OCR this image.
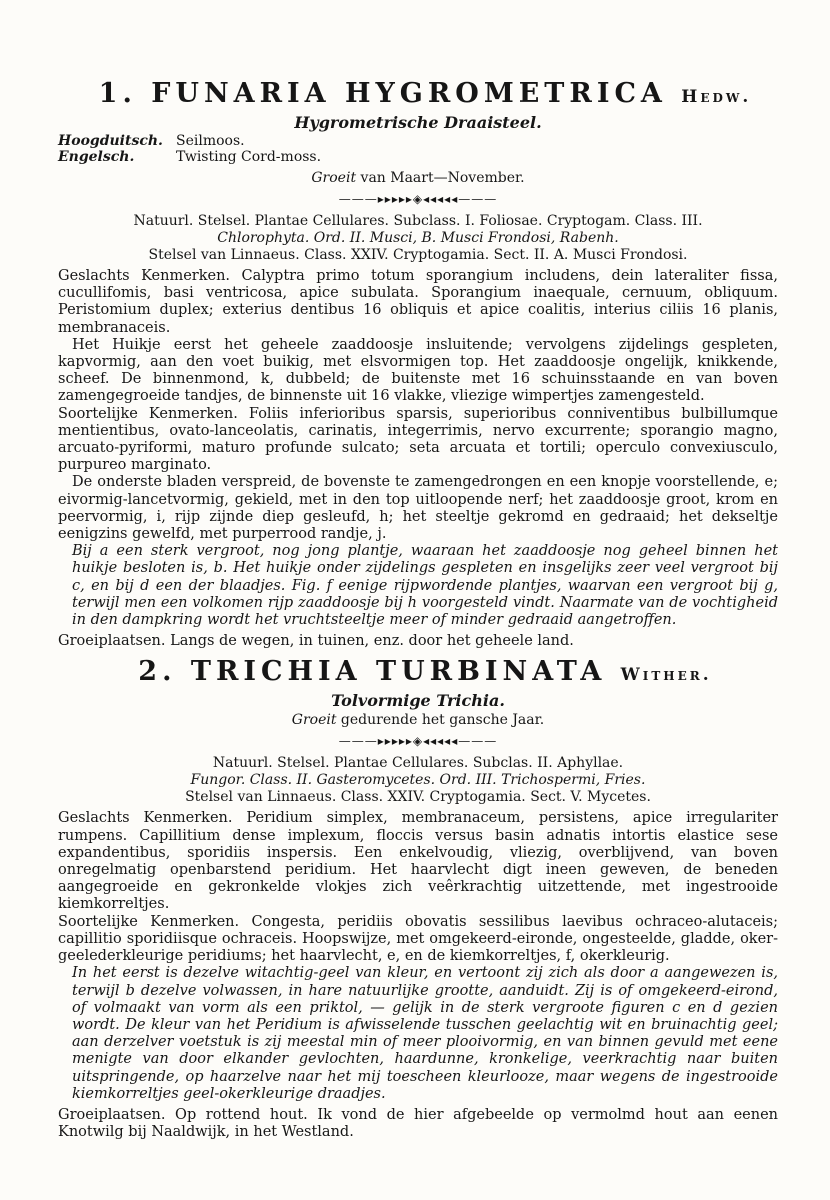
1. FUNARIA HYGROMETRICA Hedw.
Hygrometrische Draaisteel.
Hoogduitsch. Seilmoos.
Engelsch.	Twisting Cord-moss.
Groeit van Maart—November.
———▸▸▸▸▸◈◂◂◂◂◂———
Natuurl. Stelsel. Plantae Cellulares. Subclass. I. Foliosae. Cryptogam. Class. III.
Chlorophyta. Ord. II. Musci, B. Musci Frondosi, Rabenh.
Stelsel van Linnaeus. Class. XXIV. Cryptogamia. Sect. II. A. Musci Frondosi.

Geslachts Kenmerken. Calyptra primo totum sporangium includens, dein lateraliter fissa, cucullifomis, basi ventricosa, apice subulata. Sporangium inaequale, cernuum, obliquum. Peristomium duplex; exterius dentibus 16 obliquis et apice coalitis, interius ciliis 16 planis, membranaceis.

Het Huikje eerst het geheele zaaddoosje insluitende; vervolgens zijdelings gespleten, kapvormig, aan den voet buikig, met elsvormigen top. Het zaaddoosje ongelijk, knikkende, scheef. De binnenmond, k, dubbeld; de buitenste met 16 schuinsstaande en van boven zamengegroeide tandjes, de binnenste uit 16 vlakke, vliezige wimpertjes zamengesteld.

Soortelijke Kenmerken. Foliis inferioribus sparsis, superioribus conniventibus bulbillumque mentientibus, ovato-lanceolatis, carinatis, integerrimis, nervo excurrente; sporangio magno, arcuato-pyriformi, maturo profunde sulcato; seta arcuata et tortili; operculo convexiusculo, purpureo marginato.

De onderste bladen verspreid, de bovenste te zamengedrongen en een knopje voorstellende, e; eivormig-lancetvormig, gekield, met in den top uitloopende nerf; het zaaddoosje groot, krom en peervormig, i, rijp zijnde diep gesleufd, h; het steeltje gekromd en gedraaid; het dekseltje eenigzins gewelfd, met purperrood randje, j.

Bij a een sterk vergroot, nog jong plantje, waaraan het zaaddoosje nog geheel binnen het huikje besloten is, b. Het huikje onder zijdelings gespleten en insgelijks zeer veel vergroot bij c, en bij d een der blaadjes. Fig. f eenige rijpwordende plantjes, waarvan een vergroot bij g, terwijl men een volkomen rijp zaaddoosje bij h voorgesteld vindt. Naarmate van de vochtigheid in den dampkring wordt het vruchtsteeltje meer of minder gedraaid aangetroffen.

Groeiplaatsen. Langs de wegen, in tuinen, enz. door het geheele land.

2. TRICHIA TURBINATA Wither.
Tolvormige Trichia.
Groeit gedurende het gansche Jaar.
———▸▸▸▸▸◈◂◂◂◂◂———
Natuurl. Stelsel. Plantae Cellulares. Subclas. II. Aphyllae.
Fungor. Class. II. Gasteromycetes. Ord. III. Trichospermi, Fries.
Stelsel van Linnaeus. Class. XXIV. Cryptogamia. Sect. V. Mycetes.

Geslachts Kenmerken. Peridium simplex, membranaceum, persistens, apice irregulariter rumpens. Capillitium dense implexum, floccis versus basin adnatis intortis elastice sese expandentibus, sporidiis inspersis. Een enkelvoudig, vliezig, overblijvend, van boven onregelmatig openbarstend peridium. Het haarvlecht digt ineen geweven, de beneden aangegroeide en gekronkelde vlokjes zich veêrkrachtig uitzettende, met ingestrooide kiemkorreltjes.

Soortelijke Kenmerken. Congesta, peridiis obovatis sessilibus laevibus ochraceo-alutaceis; capillitio sporidiisque ochraceis. Hoopswijze, met omgekeerd-eironde, ongesteelde, gladde, oker-geelederkleurige peridiums; het haarvlecht, e, en de kiemkorreltjes, f, okerkleurig.

In het eerst is dezelve witachtig-geel van kleur, en vertoont zij zich als door a aangewezen is, terwijl b dezelve volwassen, in hare natuurlijke grootte, aanduidt. Zij is of omgekeerd-eirond, of volmaakt van vorm als een priktol, — gelijk in de sterk vergroote figuren c en d gezien wordt. De kleur van het Peridium is afwisselende tusschen geelachtig wit en bruinachtig geel; aan derzelver voetstuk is zij meestal min of meer plooivormig, en van binnen gevuld met eene menigte van door elkander gevlochten, haardunne, kronkelige, veerkrachtig naar buiten uitspringende, op haarzelve naar het mij toescheen kleurlooze, maar wegens de ingestrooide kiemkorreltjes geel-okerkleurige draadjes.

Groeiplaatsen. Op rottend hout. Ik vond de hier afgebeelde op vermolmd hout aan eenen Knotwilg bij Naaldwijk, in het Westland.
